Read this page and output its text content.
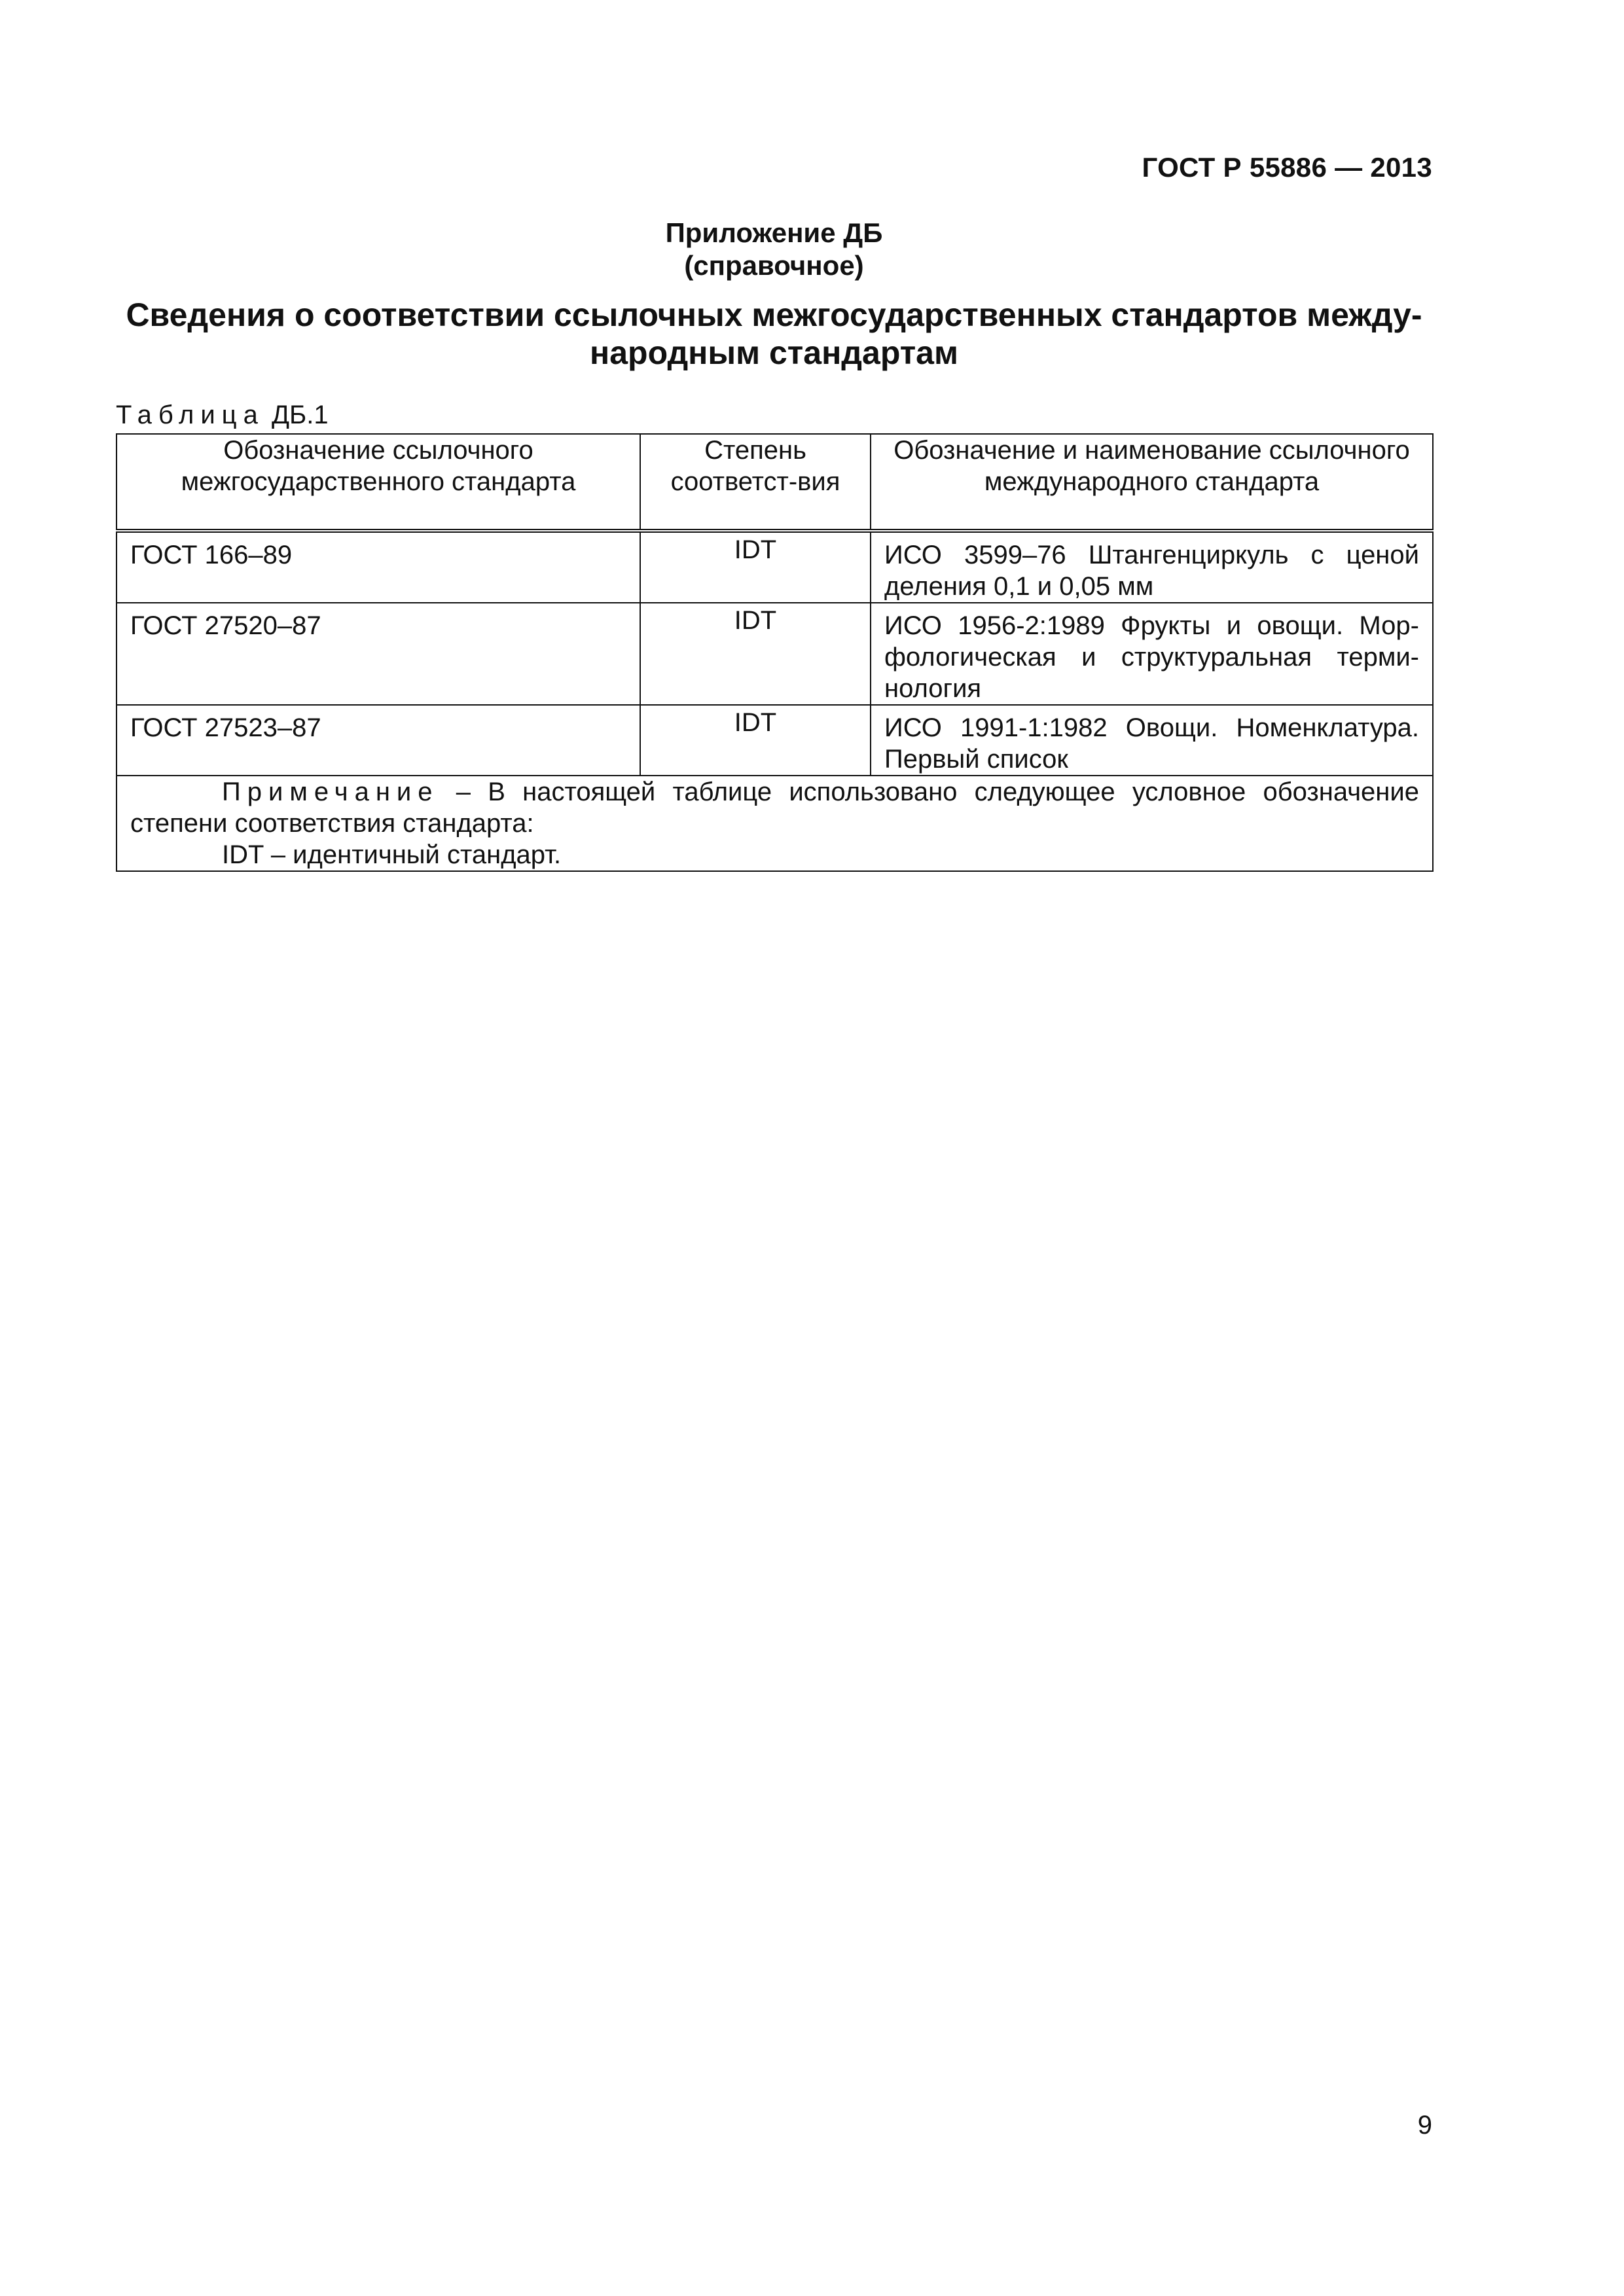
ГОСТ Р 55886 — 2013
Приложение ДБ
(справочное)
Сведения о соответствии ссылочных межгосударственных стандартов между-
народным стандартам
Таблица ДБ.1
Обозначение ссылочного межгосударственного стандарта	Степень соответст-вия	Обозначение и наименование ссылочного международного стандарта
ГОСТ 166–89	IDT	ИСО 3599–76 Штангенциркуль с ценой деления 0,1 и 0,05 мм
ГОСТ 27520–87	IDT	ИСО 1956-2:1989 Фрукты и овощи. Мор-фологическая и структуральная терми-нология
ГОСТ 27523–87	IDT	ИСО 1991-1:1982 Овощи. Номенклатура. Первый список

Примечание – В настоящей таблице использовано следующее условное обозначение степени соответствия стандарта:
IDT – идентичный стандарт.		
9
